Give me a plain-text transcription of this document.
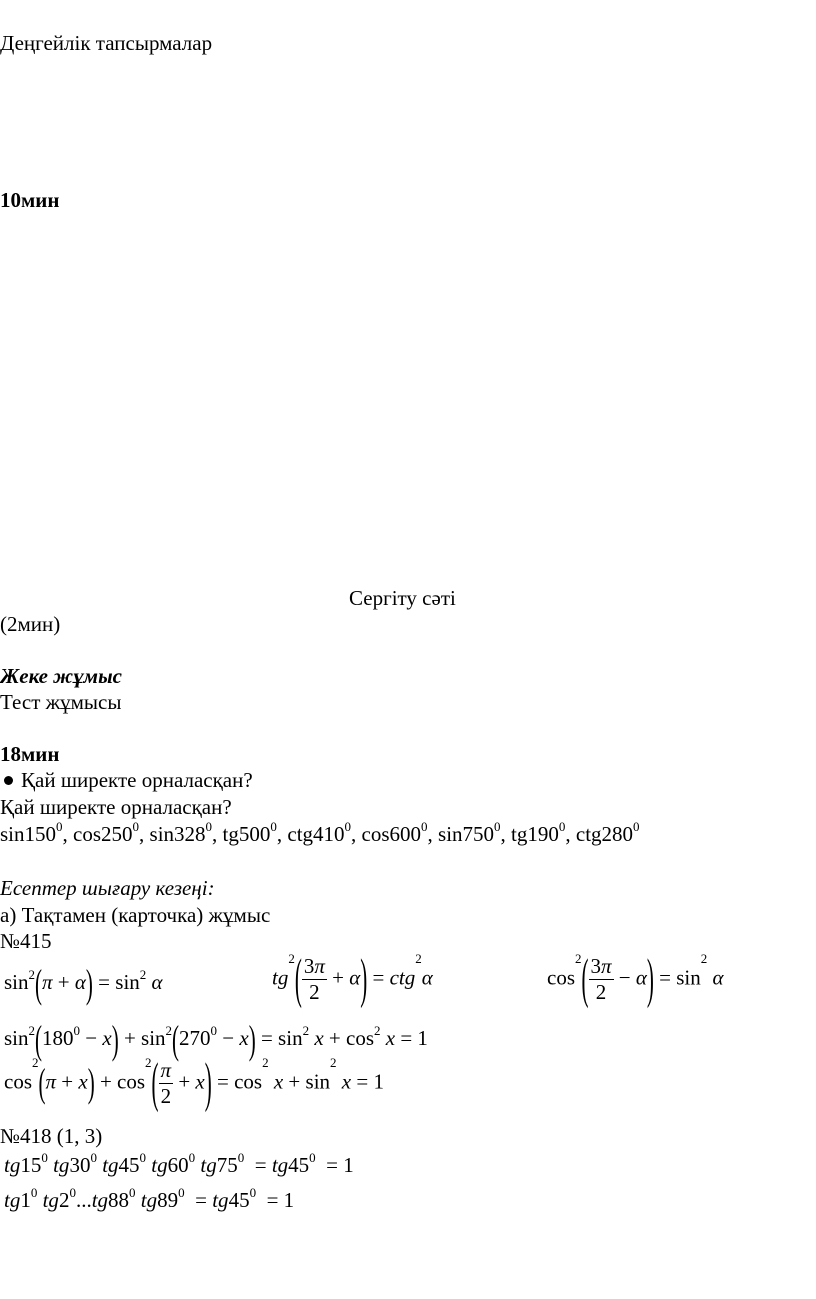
Деңгейлік тапсырмалар
10мин
Сергіту сәті
(2мин)
Жеке жұмыс
Тест жұмысы
18мин
Қай ширекте орналасқан?
Қай ширекте орналасқан?
$\sin 150^0$, $\cos 250^0$, $\sin 328^0$, $tg500^0$, $ctg410^0$, $\cos 600^0$, $\sin 750^0$, $tg190^0$, $ctg280^0$
Есептер шығару кезеңі:
а) Тақтамен (карточка) жұмыс
№415
$\sin^2(\pi + \alpha) = \sin^2 \alpha$	$tg^2( \frac{3\pi}{2} + \alpha) = ctg^2\alpha$	$\cos^2( \frac{3\pi}{2} - \alpha) = \sin^2 \alpha$
$\sin^2(180^0 - x) + \sin^2(270^0 - x) = \sin^2 x + \cos^2 x = 1$
$\cos^2(\pi + x) + \cos^2( \frac{\pi}{2} + x) = \cos^2 x + \sin^2 x = 1$
№418 (1, 3)
$tg15^0$ $tg30^0$ $tg45^0$ $tg60^0$ $tg75^0 = tg45^0 = 1$
$tg1^0$ $tg2^0...tg88^0$ $tg89^0 = tg45^0 = 1$
